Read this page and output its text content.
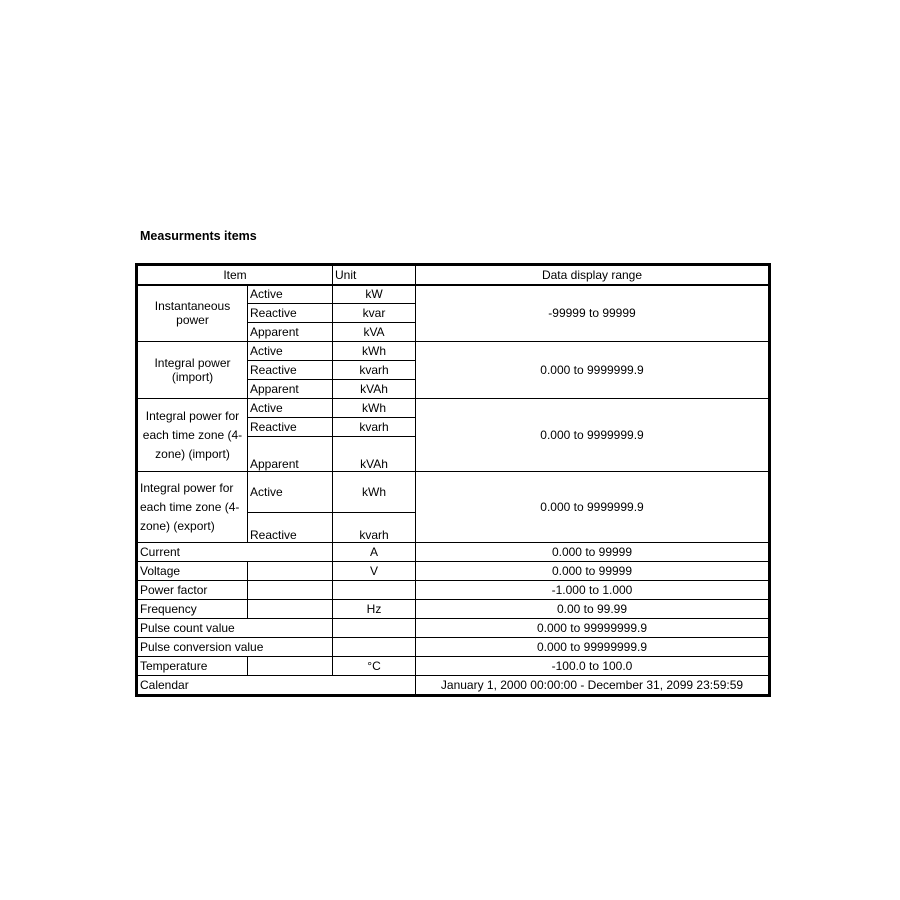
Measurments items
Item		Unit	Data display range
Instantaneous power	Active	kW	-99999 to 99999
	Reactive	kvar	
	Apparent	kVA	
Integral power (import)	Active	kWh	0.000 to 9999999.9
	Reactive	kvarh	
	Apparent	kVAh	
Integral power for each time zone (4-zone) (import)	Active	kWh	0.000 to 9999999.9
	Reactive	kvarh	
	Apparent	kVAh	
Integral power for each time zone (4-zone) (export)	Active	kWh	0.000 to 9999999.9
	Reactive	kvarh	
Current		A	0.000 to 99999
Voltage		V	0.000 to 99999
Power factor			-1.000 to 1.000
Frequency		Hz	0.00 to 99.99
Pulse count value			0.000 to 99999999.9
Pulse conversion value			0.000 to 99999999.9
Temperature		°C	-100.0 to 100.0
Calendar			January 1, 2000 00:00:00 - December 31, 2099 23:59:59
